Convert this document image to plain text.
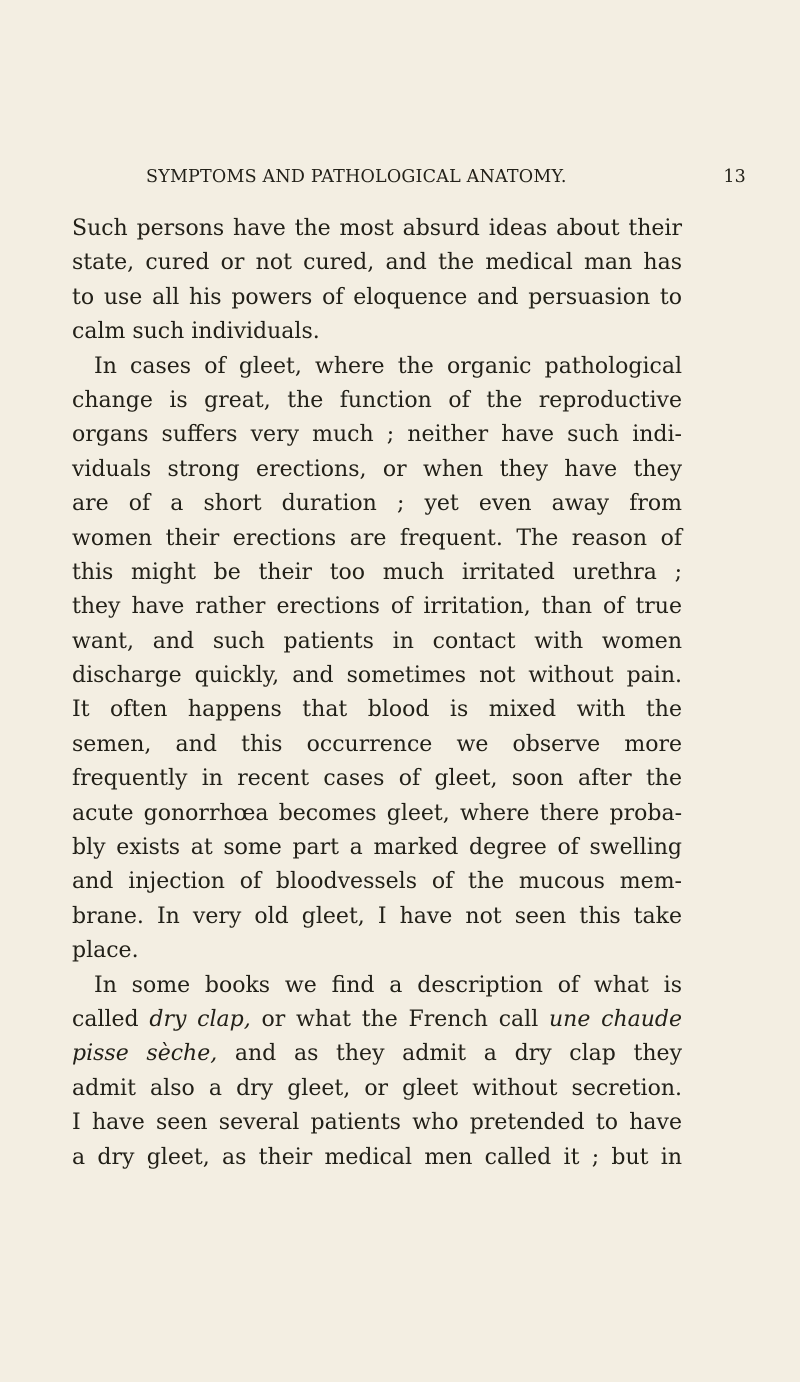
SYMPTOMS AND PATHOLOGICAL ANATOMY.	13
Such persons have the most absurd ideas about their
state, cured or not cured, and the medical man has
to use all his powers of eloquence and persuasion to
calm such individuals.
In cases of gleet, where the organic pathological
change is great, the function of the reproductive
organs suffers very much ; neither have such indi-
viduals strong erections, or when they have they
are of a short duration ; yet even away from
women their erections are frequent. The reason of
this might be their too much irritated urethra ;
they have rather erections of irritation, than of true
want, and such patients in contact with women
discharge quickly, and sometimes not without pain.
It often happens that blood is mixed with the
semen, and this occurrence we observe more
frequently in recent cases of gleet, soon after the
acute gonorrhœa becomes gleet, where there proba-
bly exists at some part a marked degree of swelling
and injection of bloodvessels of the mucous mem-
brane. In very old gleet, I have not seen this take
place.
In some books we find a description of what is
called dry clap, or what the French call une chaude
pisse sèche, and as they admit a dry clap they
admit also a dry gleet, or gleet without secretion.
I have seen several patients who pretended to have
a dry gleet, as their medical men called it ; but in
